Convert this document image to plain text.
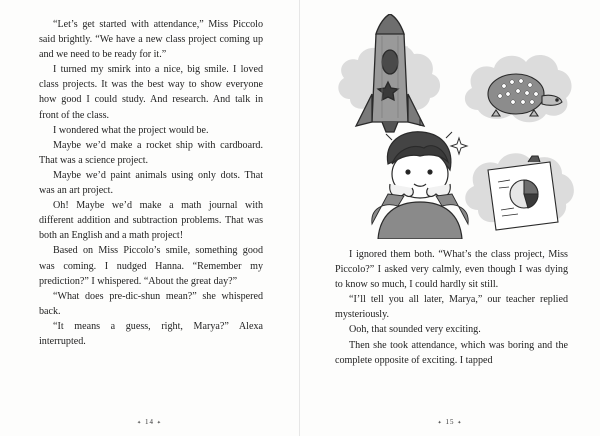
“Let’s get started with attendance,” Miss Piccolo said brightly. “We have a new class project coming up and we need to be ready for it.”

I turned my smirk into a nice, big smile. I loved class projects. It was the best way to show everyone how good I could study. And research. And talk in front of the class.

I wondered what the project would be.

Maybe we’d make a rocket ship with cardboard. That was a science project.

Maybe we’d paint animals using only dots. That was an art project.

Oh! Maybe we’d make a math journal with different addition and subtraction problems. That was both an English and a math project!

Based on Miss Piccolo’s smile, something good was coming. I nudged Hanna. “Remember my prediction?” I whispered. “About the great day?”

“What does pre-dic-shun mean?” she whispered back.

“It means a guess, right, Marya?” Alexa interrupted.

✦ 14 ✦

I ignored them both. “What’s the class project, Miss Piccolo?” I asked very calmly, even though I was dying to know so much, I could hardly sit still.

“I’ll tell you all later, Marya,” our teacher replied mysteriously.

Ooh, that sounded very exciting.

Then she took attendance, which was boring and the complete opposite of exciting. I tapped

✦ 15 ✦
